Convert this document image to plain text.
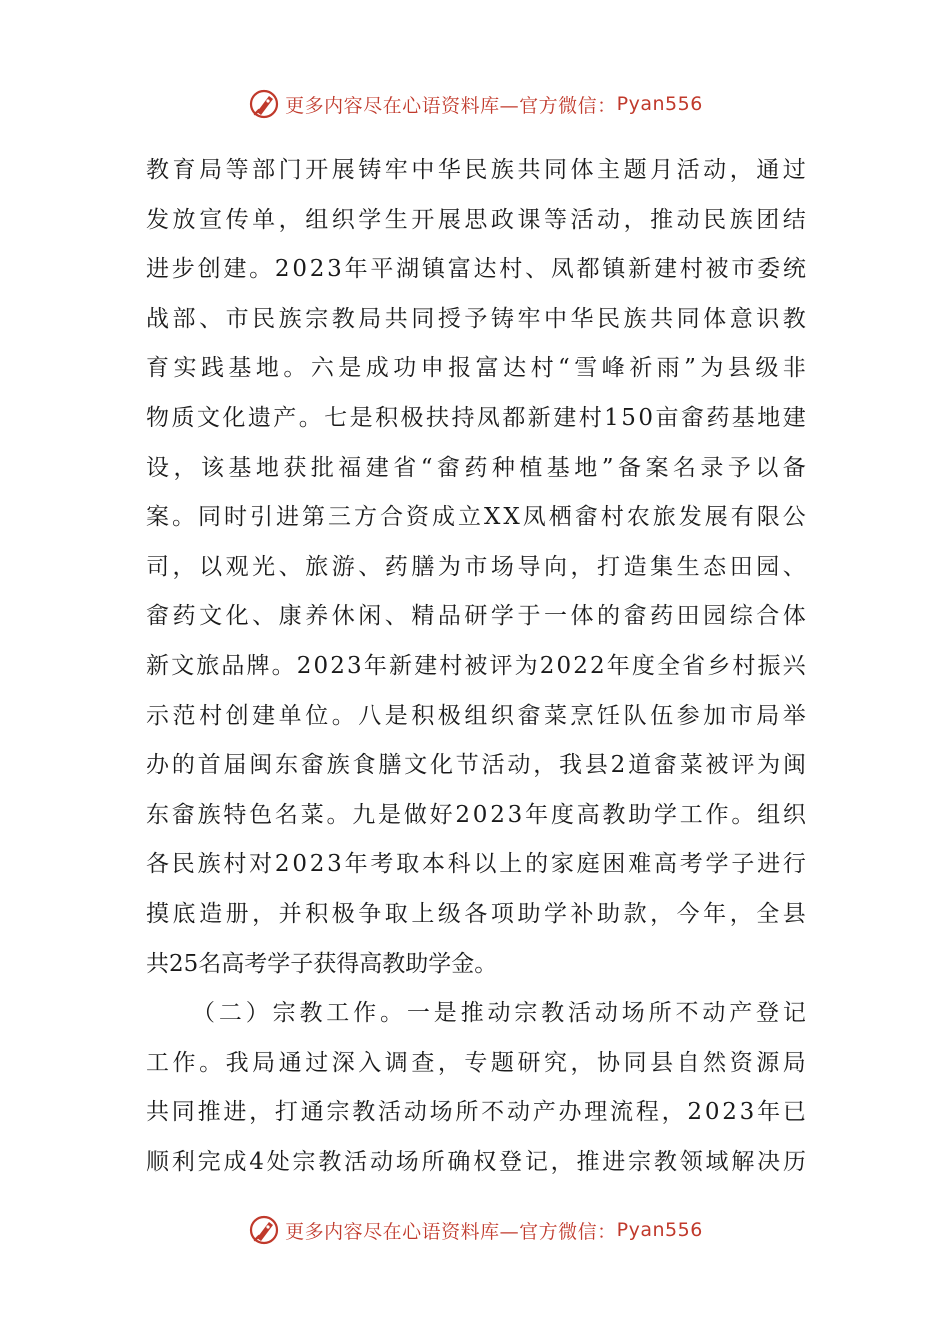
更多内容尽在心语资料库—官方微信： Pyan556
教 育 局 等 部 门 开 展 铸 牢 中 华 民 族 共 同 体 主 题 月 活 动 ， 通 过
发 放 宣 传 单 ， 组 织 学 生 开 展 思 政 课 等 活 动 ， 推 动 民 族 团 结
进 步 创 建 。 2 0 2 3 年 平 湖 镇 富 达 村 、 凤 都 镇 新 建 村 被 市 委 统
战 部 、 市 民 族 宗 教 局 共 同 授 予 铸 牢 中 华 民 族 共 同 体 意 识 教
育 实 践 基 地 。 六 是 成 功 申 报 富 达 村 “ 雪 峰 祈 雨 ” 为 县 级 非
物 质 文 化 遗 产 。 七 是 积 极 扶 持 凤 都 新 建 村 1 5 0 亩 畲 药 基 地 建
设 ， 该 基 地 获 批 福 建 省 “ 畲 药 种 植 基 地 ” 备 案 名 录 予 以 备
案 。 同 时 引 进 第 三 方 合 资 成 立 X X 凤 栖 畲 村 农 旅 发 展 有 限 公
司 ， 以 观 光 、 旅 游 、 药 膳 为 市 场 导 向 ， 打 造 集 生 态 田 园 、
畲 药 文 化 、 康 养 休 闲 、 精 品 研 学 于 一 体 的 畲 药 田 园 综 合 体
新 文 旅 品 牌 。 2 0 2 3 年 新 建 村 被 评 为 2 0 2 2 年 度 全 省 乡 村 振 兴
示 范 村 创 建 单 位 。 八 是 积 极 组 织 畲 菜 烹 饪 队 伍 参 加 市 局 举
办 的 首 届 闽 东 畲 族 食 膳 文 化 节 活 动 ， 我 县 2 道 畲 菜 被 评 为 闽
东 畲 族 特 色 名 菜 。 九 是 做 好 2 0 2 3 年 度 高 教 助 学 工 作 。 组 织
各 民 族 村 对 2 0 2 3 年 考 取 本 科 以 上 的 家 庭 困 难 高 考 学 子 进 行
摸 底 造 册 ， 并 积 极 争 取 上 级 各 项 助 学 补 助 款 ， 今 年 ， 全 县
共25名高考学子获得高教助学金。
（ 二 ） 宗 教 工 作 。 一 是 推 动 宗 教 活 动 场 所 不 动 产 登 记
工 作 。 我 局 通 过 深 入 调 查 ， 专 题 研 究 ， 协 同 县 自 然 资 源 局
共 同 推 进 ， 打 通 宗 教 活 动 场 所 不 动 产 办 理 流 程 ， 2 0 2 3 年 已
顺 利 完 成 4 处 宗 教 活 动 场 所 确 权 登 记 ， 推 进 宗 教 领 域 解 决 历
更多内容尽在心语资料库—官方微信： Pyan556
